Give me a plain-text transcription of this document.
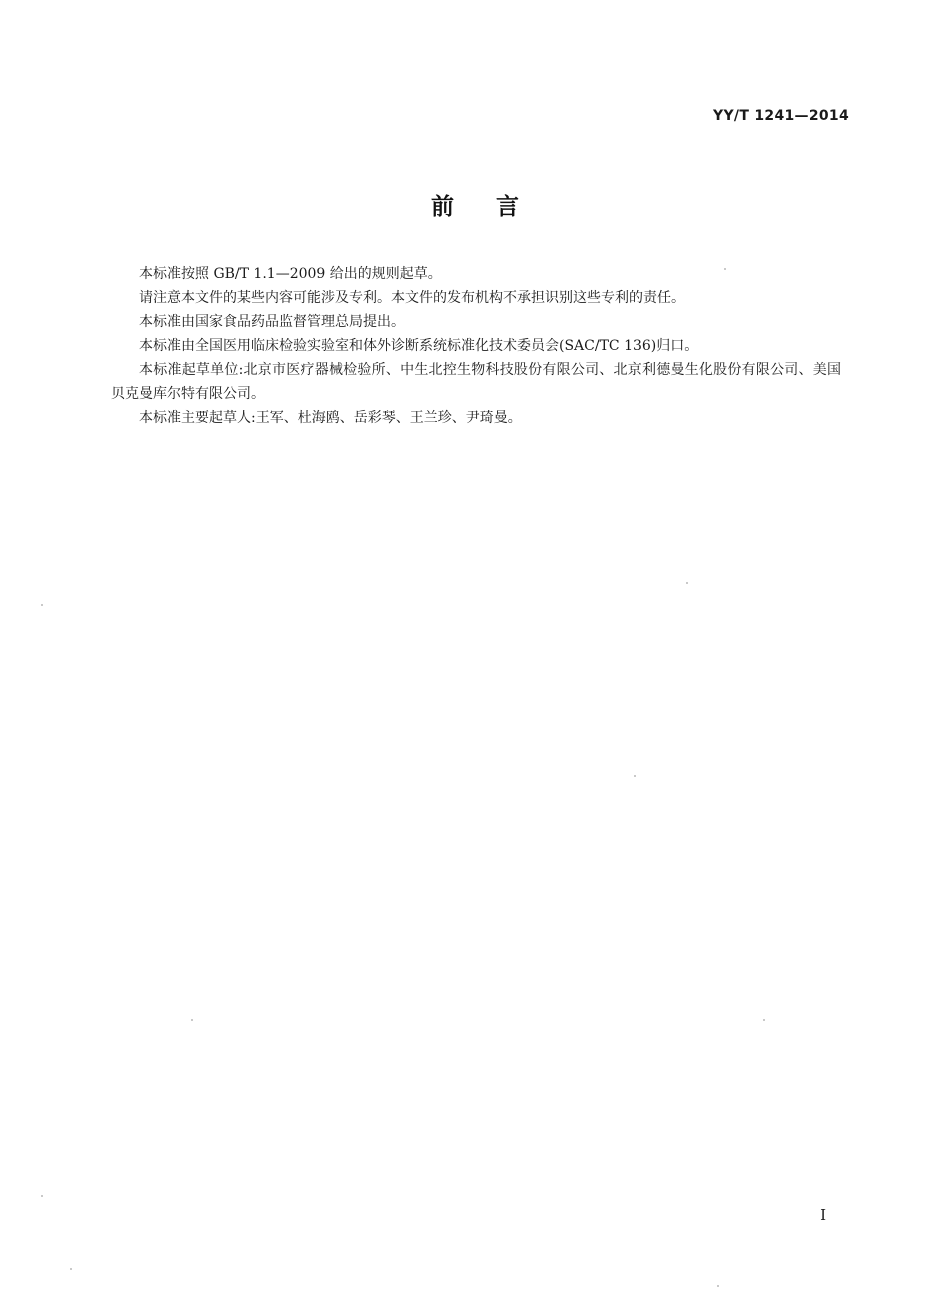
YY/T 1241—2014
前言

本标准按照 GB/T 1.1—2009 给出的规则起草。

请注意本文件的某些内容可能涉及专利。本文件的发布机构不承担识别这些专利的责任。

本标准由国家食品药品监督管理总局提出。

本标准由全国医用临床检验实验室和体外诊断系统标准化技术委员会(SAC/TC 136)归口。

本标准起草单位:北京市医疗器械检验所、中生北控生物科技股份有限公司、北京利德曼生化股份有限公司、美国贝克曼库尔特有限公司。

本标准主要起草人:王军、杜海鸥、岳彩琴、王兰珍、尹琦曼。

I
